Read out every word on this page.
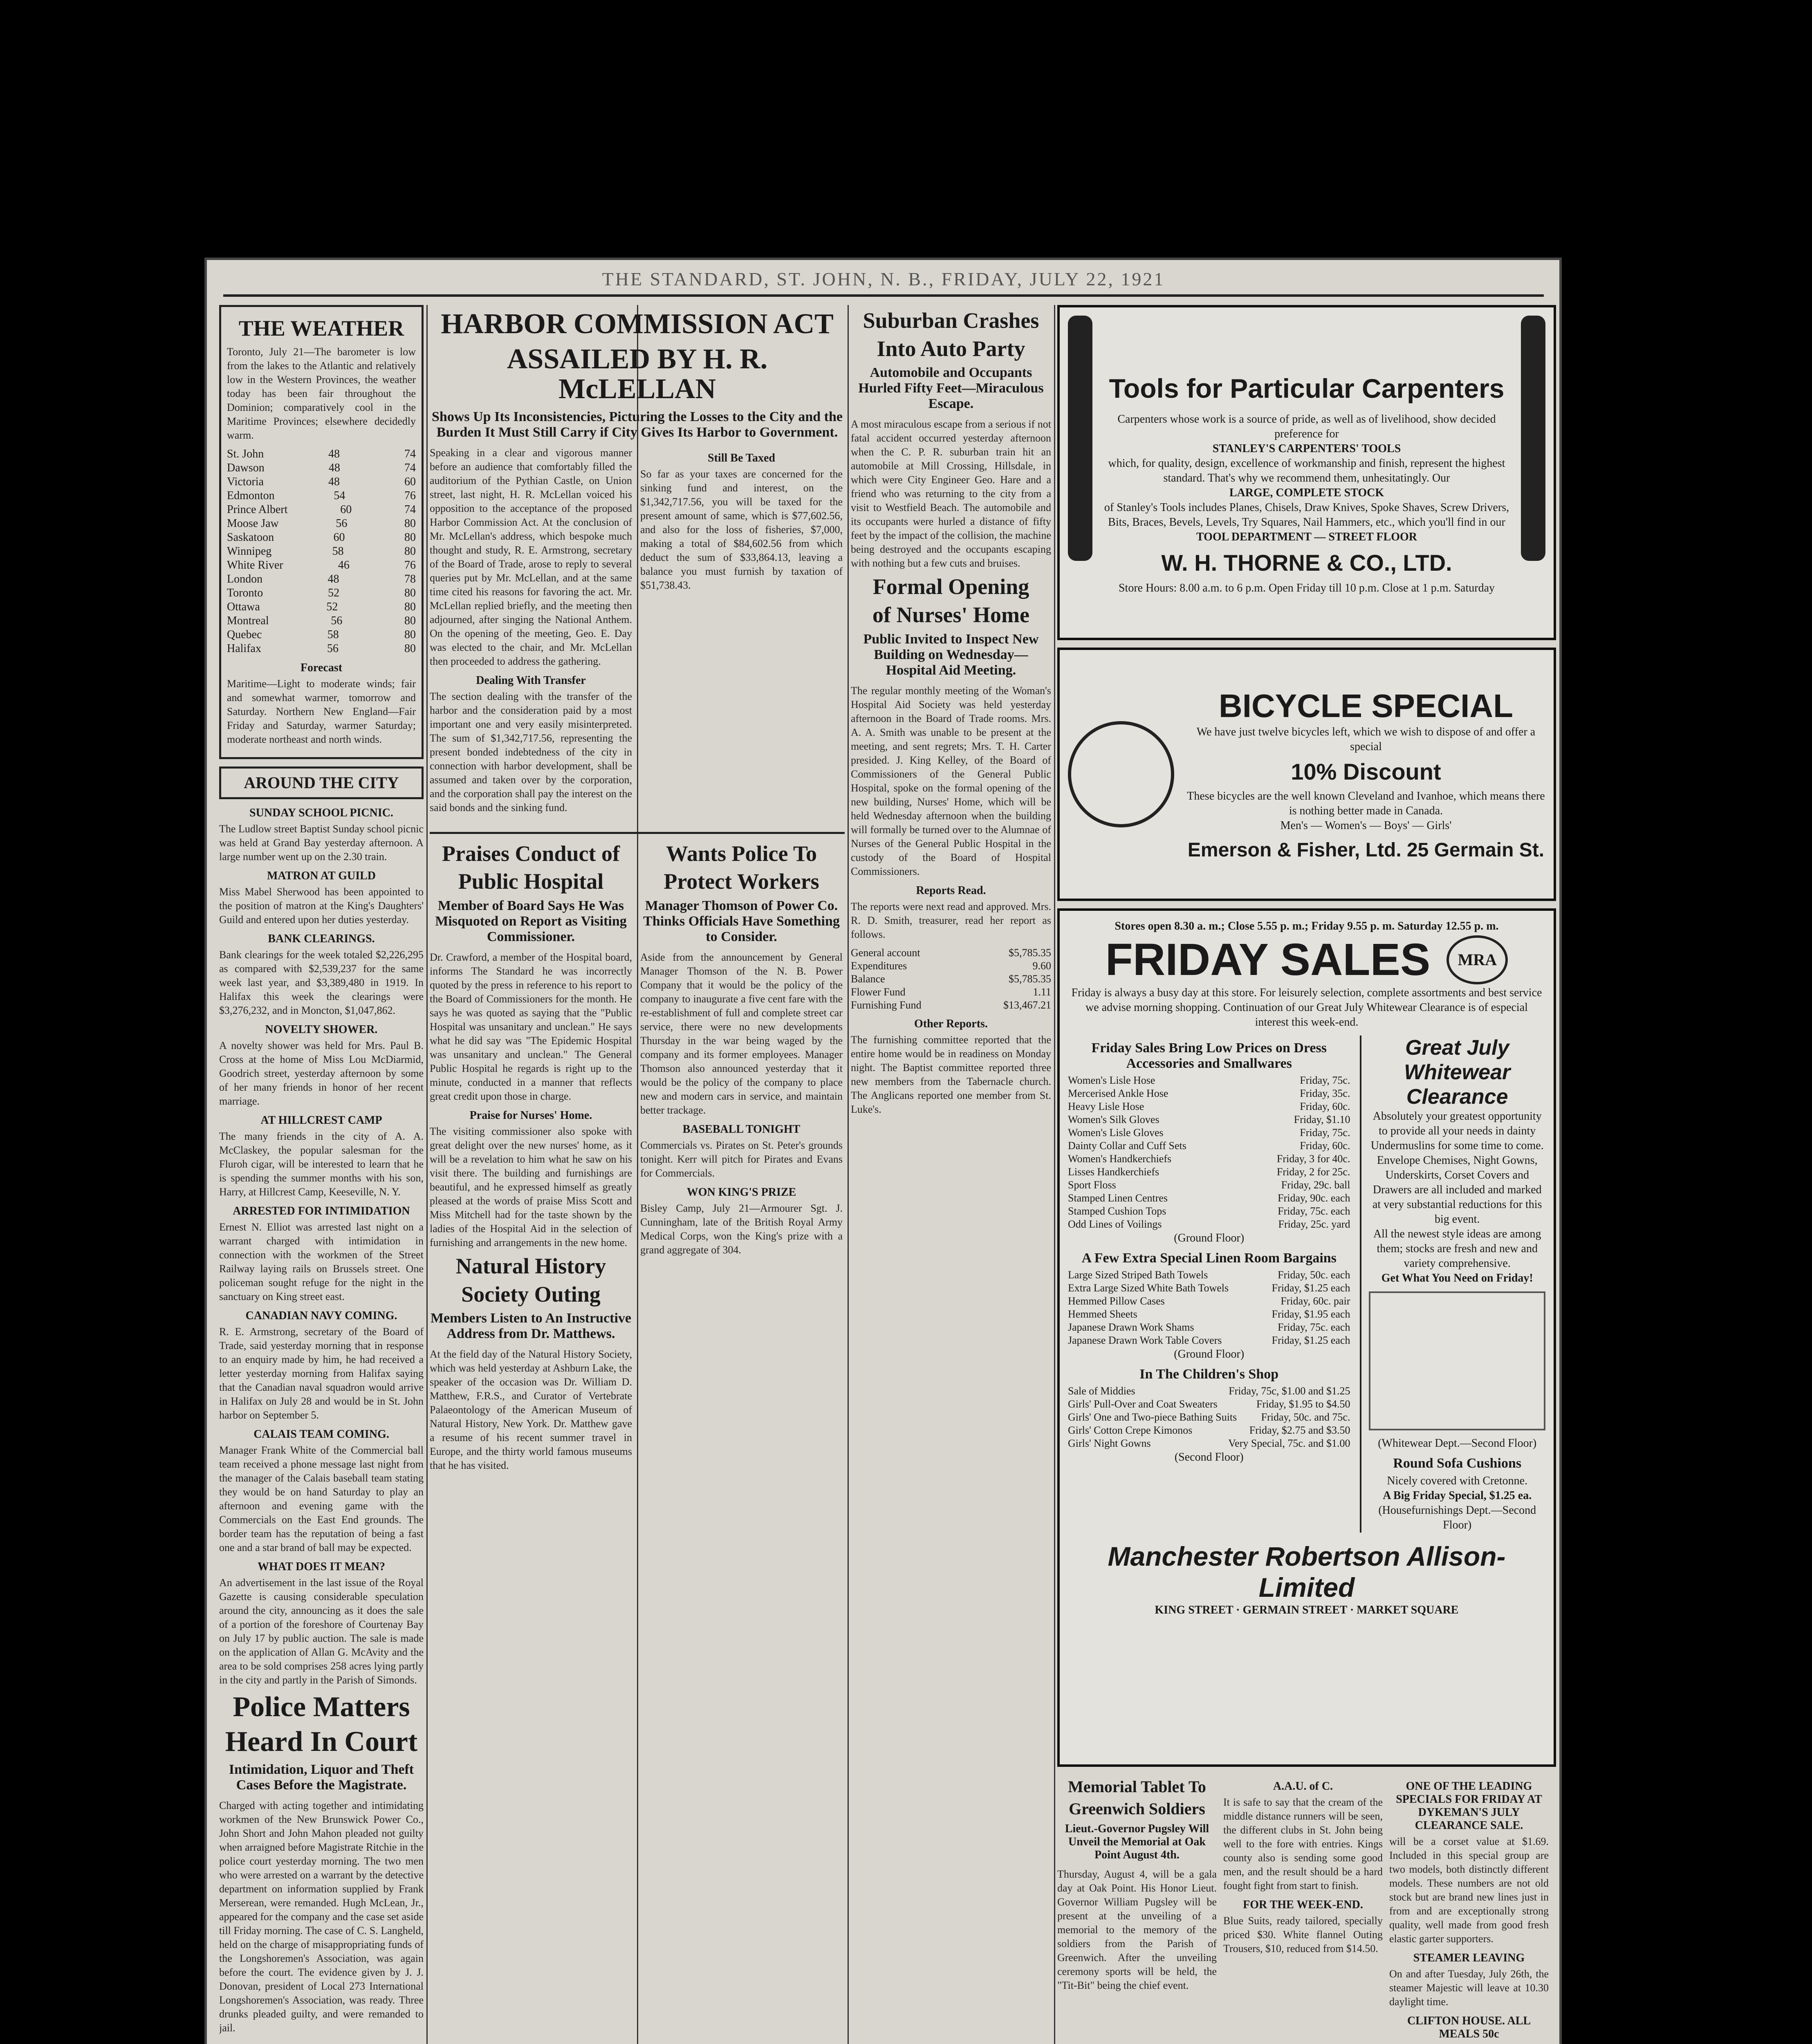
THE STANDARD, ST. JOHN, N. B., FRIDAY, JULY 22, 1921
THE WEATHER
Toronto, July 21—The barometer is low from the lakes to the Atlantic and relatively low in the Western Provinces, the weather today has been fair throughout the Dominion; comparatively cool in the Maritime Provinces; elsewhere decidedly warm.
St. John	48	74
Dawson	48	74
Victoria	48	60
Edmonton	54	76
Prince Albert	60	74
Moose Jaw	56	80
Saskatoon	60	80
Winnipeg	58	80
White River	46	76
London	48	78
Toronto	52	80
Ottawa	52	80
Montreal	56	80
Quebec	58	80
Halifax	56	80
Forecast
Maritime—Light to moderate winds; fair and somewhat warmer, tomorrow and Saturday. Northern New England—Fair Friday and Saturday, warmer Saturday; moderate northeast and north winds.
AROUND THE CITY
SUNDAY SCHOOL PICNIC.
The Ludlow street Baptist Sunday school picnic was held at Grand Bay yesterday afternoon. A large number went up on the 2.30 train.
MATRON AT GUILD
Miss Mabel Sherwood has been appointed to the position of matron at the King's Daughters' Guild and entered upon her duties yesterday.
BANK CLEARINGS.
Bank clearings for the week totaled $2,226,295 as compared with $2,539,237 for the same week last year, and $3,389,480 in 1919. In Halifax this week the clearings were $3,276,232, and in Moncton, $1,047,862.
NOVELTY SHOWER.
A novelty shower was held for Mrs. Paul B. Cross at the home of Miss Lou McDiarmid, Goodrich street, yesterday afternoon by some of her many friends in honor of her recent marriage.
AT HILLCREST CAMP
The many friends in the city of A. A. McClaskey, the popular salesman for the Fluroh cigar, will be interested to learn that he is spending the summer months with his son, Harry, at Hillcrest Camp, Keeseville, N. Y.
ARRESTED FOR INTIMIDATION
Ernest N. Elliot was arrested last night on a warrant charged with intimidation in connection with the workmen of the Street Railway laying rails on Brussels street. One policeman sought refuge for the night in the sanctuary on King street east.
CANADIAN NAVY COMING.
R. E. Armstrong, secretary of the Board of Trade, said yesterday morning that in response to an enquiry made by him, he had received a letter yesterday morning from Halifax saying that the Canadian naval squadron would arrive in Halifax on July 28 and would be in St. John harbor on September 5.
CALAIS TEAM COMING.
Manager Frank White of the Commercial ball team received a phone message last night from the manager of the Calais baseball team stating they would be on hand Saturday to play an afternoon and evening game with the Commercials on the East End grounds. The border team has the reputation of being a fast one and a star brand of ball may be expected.
WHAT DOES IT MEAN?
An advertisement in the last issue of the Royal Gazette is causing considerable speculation around the city, announcing as it does the sale of a portion of the foreshore of Courtenay Bay on July 17 by public auction. The sale is made on the application of Allan G. McAvity and the area to be sold comprises 258 acres lying partly in the city and partly in the Parish of Simonds.
Police Matters
Heard In Court
Intimidation, Liquor and Theft Cases Before the Magistrate.
Charged with acting together and intimidating workmen of the New Brunswick Power Co., John Short and John Mahon pleaded not guilty when arraigned before Magistrate Ritchie in the police court yesterday morning. The two men who were arrested on a warrant by the detective department on information supplied by Frank Merserean, were remanded. Hugh McLean, Jr., appeared for the company and the case set aside till Friday morning. The case of C. S. Langheld, held on the charge of misappropriating funds of the Longshoremen's Association, was again before the court. The evidence given by J. J. Donovan, president of Local 273 International Longshoremen's Association, was ready. Three drunks pleaded guilty, and were remanded to jail.
HARBOR COMMISSION ACT
ASSAILED BY H. R. McLELLAN
Shows Up Its Inconsistencies, Picturing the Losses to the City and the Burden It Must Still Carry if City Gives Its Harbor to Government.
Speaking in a clear and vigorous manner before an audience that comfortably filled the auditorium of the Pythian Castle, on Union street, last night, H. R. McLellan voiced his opposition to the acceptance of the proposed Harbor Commission Act. At the conclusion of Mr. McLellan's address, which bespoke much thought and study, R. E. Armstrong, secretary of the Board of Trade, arose to reply to several queries put by Mr. McLellan, and at the same time cited his reasons for favoring the act. Mr. McLellan replied briefly, and the meeting then adjourned, after singing the National Anthem. On the opening of the meeting, Geo. E. Day was elected to the chair, and Mr. McLellan then proceeded to address the gathering.
Dealing With Transfer
The section dealing with the transfer of the harbor and the consideration paid by a most important one and very easily misinterpreted. The sum of $1,342,717.56, representing the present bonded indebtedness of the city in connection with harbor development, shall be assumed and taken over by the corporation, and the corporation shall pay the interest on the said bonds and the sinking fund.
Still Be Taxed
So far as your taxes are concerned for the sinking fund and interest, on the $1,342,717.56, you will be taxed for the present amount of same, which is $77,602.56, and also for the loss of fisheries, $7,000, making a total of $84,602.56 from which deduct the sum of $33,864.13, leaving a balance you must furnish by taxation of $51,738.43.
Praises Conduct of
Public Hospital
Member of Board Says He Was Misquoted on Report as Visiting Commissioner.
Dr. Crawford, a member of the Hospital board, informs The Standard he was incorrectly quoted by the press in reference to his report to the Board of Commissioners for the month. He says he was quoted as saying that the "Public Hospital was unsanitary and unclean." He says what he did say was "The Epidemic Hospital was unsanitary and unclean." The General Public Hospital he regards is right up to the minute, conducted in a manner that reflects great credit upon those in charge.
Praise for Nurses' Home.
The visiting commissioner also spoke with great delight over the new nurses' home, as it will be a revelation to him what he saw on his visit there. The building and furnishings are beautiful, and he expressed himself as greatly pleased at the words of praise Miss Scott and Miss Mitchell had for the taste shown by the ladies of the Hospital Aid in the selection of furnishing and arrangements in the new home.
Natural History
Society Outing
Members Listen to An Instructive Address from Dr. Matthews.
At the field day of the Natural History Society, which was held yesterday at Ashburn Lake, the speaker of the occasion was Dr. William D. Matthew, F.R.S., and Curator of Vertebrate Palaeontology of the American Museum of Natural History, New York. Dr. Matthew gave a resume of his recent summer travel in Europe, and the thirty world famous museums that he has visited.
Wants Police To
Protect Workers
Manager Thomson of Power Co. Thinks Officials Have Something to Consider.
Aside from the announcement by General Manager Thomson of the N. B. Power Company that it would be the policy of the company to inaugurate a five cent fare with the re-establishment of full and complete street car service, there were no new developments Thursday in the war being waged by the company and its former employees. Manager Thomson also announced yesterday that it would be the policy of the company to place new and modern cars in service, and maintain better trackage.
BASEBALL TONIGHT
Commercials vs. Pirates on St. Peter's grounds tonight. Kerr will pitch for Pirates and Evans for Commercials.
WON KING'S PRIZE
Bisley Camp, July 21—Armourer Sgt. J. Cunningham, late of the British Royal Army Medical Corps, won the King's prize with a grand aggregate of 304.
Suburban Crashes
Into Auto Party
Automobile and Occupants Hurled Fifty Feet—Miraculous Escape.
A most miraculous escape from a serious if not fatal accident occurred yesterday afternoon when the C. P. R. suburban train hit an automobile at Mill Crossing, Hillsdale, in which were City Engineer Geo. Hare and a friend who was returning to the city from a visit to Westfield Beach. The automobile and its occupants were hurled a distance of fifty feet by the impact of the collision, the machine being destroyed and the occupants escaping with nothing but a few cuts and bruises.
Formal Opening
of Nurses' Home
Public Invited to Inspect New Building on Wednesday—Hospital Aid Meeting.
The regular monthly meeting of the Woman's Hospital Aid Society was held yesterday afternoon in the Board of Trade rooms. Mrs. A. A. Smith was unable to be present at the meeting, and sent regrets; Mrs. T. H. Carter presided. J. King Kelley, of the Board of Commissioners of the General Public Hospital, spoke on the formal opening of the new building, Nurses' Home, which will be held Wednesday afternoon when the building will formally be turned over to the Alumnae of Nurses of the General Public Hospital in the custody of the Board of Hospital Commissioners.
Reports Read.
The reports were next read and approved. Mrs. R. D. Smith, treasurer, read her report as follows.
General account	$5,785.35
Expenditures	9.60
Balance	$5,785.35
Flower Fund	1.11
Furnishing Fund	$13,467.21
Other Reports.
The furnishing committee reported that the entire home would be in readiness on Monday night. The Baptist committee reported three new members from the Tabernacle church. The Anglicans reported one member from St. Luke's.
Tools for Particular Carpenters

Carpenters whose work is a source of pride, as well as of livelihood, show decided preference for

STANLEY'S CARPENTERS' TOOLS

which, for quality, design, excellence of workmanship and finish, represent the highest standard. That's why we recommend them, unhesitatingly. Our

LARGE, COMPLETE STOCK

of Stanley's Tools includes Planes, Chisels, Draw Knives, Spoke Shaves, Screw Drivers, Bits, Braces, Bevels, Levels, Try Squares, Nail Hammers, etc., which you'll find in our

TOOL DEPARTMENT — STREET FLOOR

W. H. THORNE & CO., LTD.

Store Hours: 8.00 a.m. to 6 p.m. Open Friday till 10 p.m. Close at 1 p.m. Saturday

BICYCLE SPECIAL

We have just twelve bicycles left, which we wish to dispose of and offer a special

10% Discount

These bicycles are the well known Cleveland and Ivanhoe, which means there is nothing better made in Canada.

Men's — Women's — Boys' — Girls'

Emerson & Fisher, Ltd. 25 Germain St.

Stores open 8.30 a. m.; Close 5.55 p. m.; Friday 9.55 p. m. Saturday 12.55 p. m.

FRIDAY SALES	MRA

Friday is always a busy day at this store. For leisurely selection, complete assortments and best service we advise morning shopping. Continuation of our Great July Whitewear Clearance is of especial interest this week-end.

Friday Sales Bring Low Prices on Dress Accessories and Smallwares
Women's Lisle Hose	Friday, 75c.
Mercerised Ankle Hose	Friday, 35c.
Heavy Lisle Hose	Friday, 60c.
Women's Silk Gloves	Friday, $1.10
Women's Lisle Gloves	Friday, 75c.
Dainty Collar and Cuff Sets	Friday, 60c.
Women's Handkerchiefs	Friday, 3 for 40c.
Lisses Handkerchiefs	Friday, 2 for 25c.
Sport Floss	Friday, 29c. ball
Stamped Linen Centres	Friday, 90c. each
Stamped Cushion Tops	Friday, 75c. each
Odd Lines of Voilings	Friday, 25c. yard

(Ground Floor)

A Few Extra Special Linen Room Bargains
Large Sized Striped Bath Towels	Friday, 50c. each
Extra Large Sized White Bath Towels	Friday, $1.25 each
Hemmed Pillow Cases	Friday, 60c. pair
Hemmed Sheets	Friday, $1.95 each
Japanese Drawn Work Shams	Friday, 75c. each
Japanese Drawn Work Table Covers	Friday, $1.25 each

(Ground Floor)

In The Children's Shop
Sale of Middies	Friday, 75c, $1.00 and $1.25
Girls' Pull-Over and Coat Sweaters	Friday, $1.95 to $4.50
Girls' One and Two-piece Bathing Suits Friday, 50c. and 75c.
Girls' Cotton Crepe Kimonos	Friday, $2.75 and $3.50
Girls' Night Gowns	Very Special, 75c. and $1.00

(Second Floor)

Great July Whitewear Clearance

Absolutely your greatest opportunity to provide all your needs in dainty Undermuslins for some time to come. Envelope Chemises, Night Gowns, Underskirts, Corset Covers and Drawers are all included and marked at very substantial reductions for this big event.

All the newest style ideas are among them; stocks are fresh and new and variety comprehensive.

Get What You Need on Friday!

(Whitewear Dept.—Second Floor)

Round Sofa Cushions

Nicely covered with Cretonne.

A Big Friday Special, $1.25 ea.

(Housefurnishings Dept.—Second Floor)

Manchester Robertson Allison-Limited

KING STREET · GERMAIN STREET · MARKET SQUARE

Memorial Tablet To
Greenwich Soldiers
Lieut.-Governor Pugsley Will Unveil the Memorial at Oak Point August 4th.
Thursday, August 4, will be a gala day at Oak Point. His Honor Lieut. Governor William Pugsley will be present at the unveiling of a memorial to the memory of the soldiers from the Parish of Greenwich. After the unveiling ceremony sports will be held, the "Tit-Bit" being the chief event.
A.A.U. of C.
It is safe to say that the cream of the middle distance runners will be seen, the different clubs in St. John being well to the fore with entries. Kings county also is sending some good men, and the result should be a hard fought fight from start to finish.
FOR THE WEEK-END.
Blue Suits, ready tailored, specially priced $30. White flannel Outing Trousers, $10, reduced from $14.50.
ONE OF THE LEADING SPECIALS FOR FRIDAY AT DYKEMAN'S JULY CLEARANCE SALE.
will be a corset value at $1.69. Included in this special group are two models, both distinctly different models. These numbers are not old stock but are brand new lines just in from and are exceptionally strong quality, well made from good fresh elastic garter supporters.
STEAMER LEAVING
On and after Tuesday, July 26th, the steamer Majestic will leave at 10.30 daylight time.
CLIFTON HOUSE. ALL MEALS 50c
